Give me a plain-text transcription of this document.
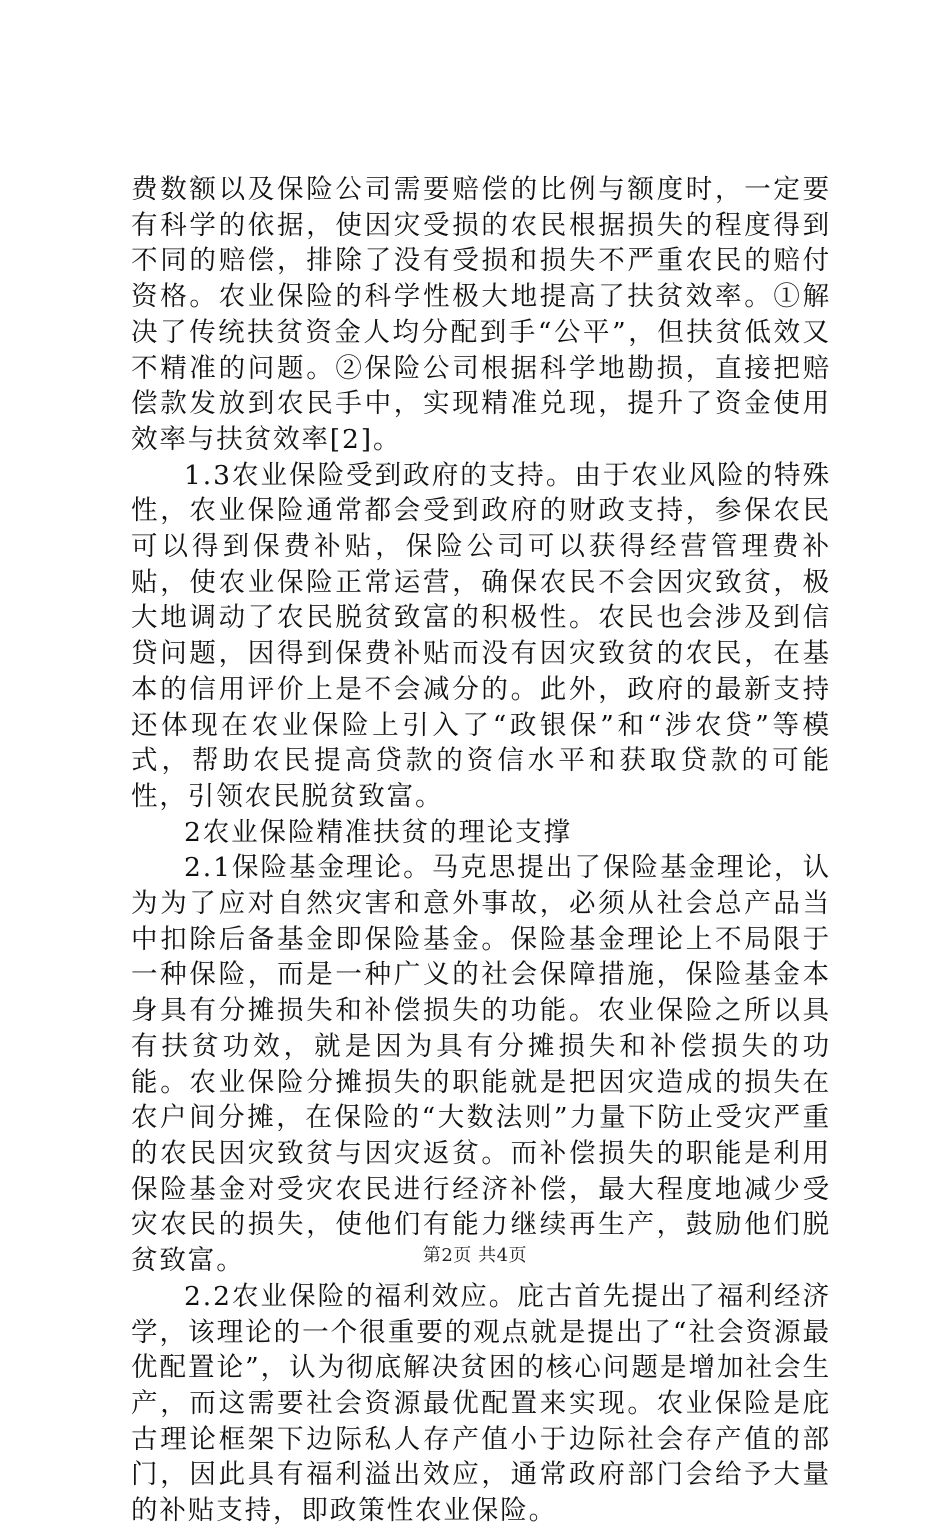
费数额以及保险公司需要赔偿的比例与额度时，一定要有科学的依据，使因灾受损的农民根据损失的程度得到不同的赔偿，排除了没有受损和损失不严重农民的赔付资格。农业保险的科学性极大地提高了扶贫效率。①解决了传统扶贫资金人均分配到手“公平”，但扶贫低效又不精准的问题。②保险公司根据科学地勘损，直接把赔偿款发放到农民手中，实现精准兑现，提升了资金使用效率与扶贫效率[2]。

1.3农业保险受到政府的支持。由于农业风险的特殊性，农业保险通常都会受到政府的财政支持，参保农民可以得到保费补贴，保险公司可以获得经营管理费补贴，使农业保险正常运营，确保农民不会因灾致贫，极大地调动了农民脱贫致富的积极性。农民也会涉及到信贷问题，因得到保费补贴而没有因灾致贫的农民，在基本的信用评价上是不会减分的。此外，政府的最新支持还体现在农业保险上引入了“政银保”和“涉农贷”等模式，帮助农民提高贷款的资信水平和获取贷款的可能性，引领农民脱贫致富。

2农业保险精准扶贫的理论支撑

2.1保险基金理论。马克思提出了保险基金理论，认为为了应对自然灾害和意外事故，必须从社会总产品当中扣除后备基金即保险基金。保险基金理论上不局限于一种保险，而是一种广义的社会保障措施，保险基金本身具有分摊损失和补偿损失的功能。农业保险之所以具有扶贫功效，就是因为具有分摊损失和补偿损失的功能。农业保险分摊损失的职能就是把因灾造成的损失在农户间分摊，在保险的“大数法则”力量下防止受灾严重的农民因灾致贫与因灾返贫。而补偿损失的职能是利用保险基金对受灾农民进行经济补偿，最大程度地减少受灾农民的损失，使他们有能力继续再生产，鼓励他们脱贫致富。

2.2农业保险的福利效应。庇古首先提出了福利经济学，该理论的一个很重要的观点就是提出了“社会资源最优配置论”，认为彻底解决贫困的核心问题是增加社会生产，而这需要社会资源最优配置来实现。农业保险是庇古理论框架下边际私人存产值小于边际社会存产值的部门，因此具有福利溢出效应，通常政府部门会给予大量的补贴支持，即政策性农业保险。

第2页 共4页
